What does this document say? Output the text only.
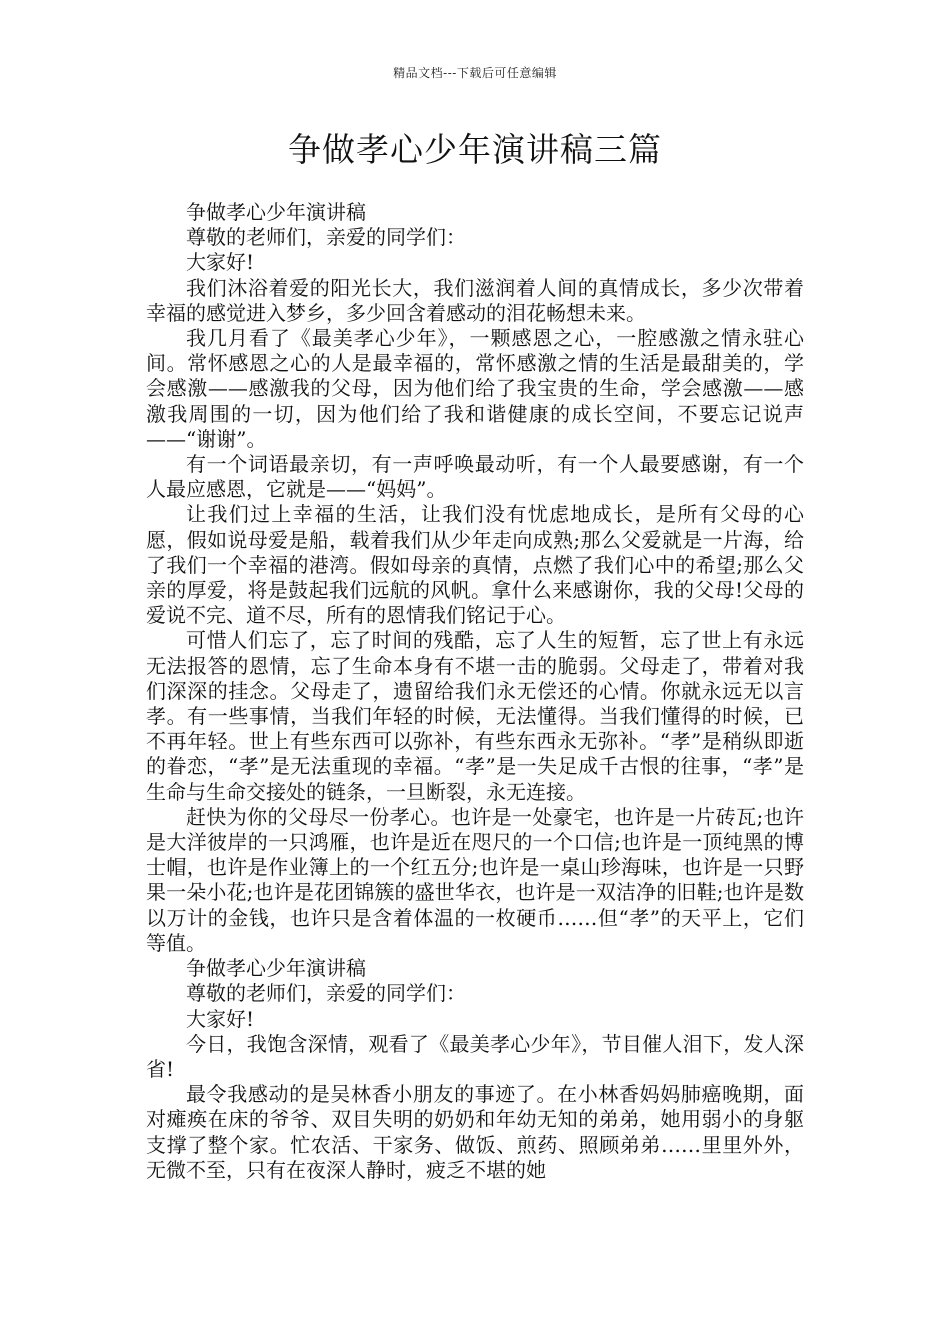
精品文档---下载后可任意编辑
争做孝心少年演讲稿三篇

争做孝心少年演讲稿

尊敬的老师们，亲爱的同学们：

大家好!

我们沐浴着爱的阳光长大，我们滋润着人间的真情成长，多少次带着幸福的感觉进入梦乡，多少回含着感动的泪花畅想未来。

我几月看了《最美孝心少年》，一颗感恩之心，一腔感激之情永驻心间。常怀感恩之心的人是最幸福的，常怀感激之情的生活是最甜美的，学会感激——感激我的父母，因为他们给了我宝贵的生命，学会感激——感激我周围的一切，因为他们给了我和谐健康的成长空间，不要忘记说声——“谢谢”。

有一个词语最亲切，有一声呼唤最动听，有一个人最要感谢，有一个人最应感恩，它就是——“妈妈”。

让我们过上幸福的生活，让我们没有忧虑地成长，是所有父母的心愿，假如说母爱是船，载着我们从少年走向成熟;那么父爱就是一片海，给了我们一个幸福的港湾。假如母亲的真情，点燃了我们心中的希望;那么父亲的厚爱，将是鼓起我们远航的风帆。拿什么来感谢你，我的父母!父母的爱说不完、道不尽，所有的恩情我们铭记于心。

可惜人们忘了，忘了时间的残酷，忘了人生的短暂，忘了世上有永远无法报答的恩情，忘了生命本身有不堪一击的脆弱。父母走了，带着对我们深深的挂念。父母走了，遗留给我们永无偿还的心情。你就永远无以言孝。有一些事情，当我们年轻的时候，无法懂得。当我们懂得的时候，已不再年轻。世上有些东西可以弥补，有些东西永无弥补。“孝”是稍纵即逝的眷恋，“孝”是无法重现的幸福。“孝”是一失足成千古恨的往事，“孝”是生命与生命交接处的链条，一旦断裂，永无连接。

赶快为你的父母尽一份孝心。也许是一处豪宅，也许是一片砖瓦;也许是大洋彼岸的一只鸿雁，也许是近在咫尺的一个口信;也许是一顶纯黑的博士帽，也许是作业簿上的一个红五分;也许是一桌山珍海味，也许是一只野果一朵小花;也许是花团锦簇的盛世华衣，也许是一双洁净的旧鞋;也许是数以万计的金钱，也许只是含着体温的一枚硬币……但“孝”的天平上，它们等值。

争做孝心少年演讲稿

尊敬的老师们，亲爱的同学们：

大家好!

今日，我饱含深情，观看了《最美孝心少年》，节目催人泪下，发人深省!

最令我感动的是吴林香小朋友的事迹了。在小林香妈妈肺癌晚期，面对瘫痪在床的爷爷、双目失明的奶奶和年幼无知的弟弟，她用弱小的身躯支撑了整个家。忙农活、干家务、做饭、煎药、照顾弟弟……里里外外，无微不至，只有在夜深人静时，疲乏不堪的她
